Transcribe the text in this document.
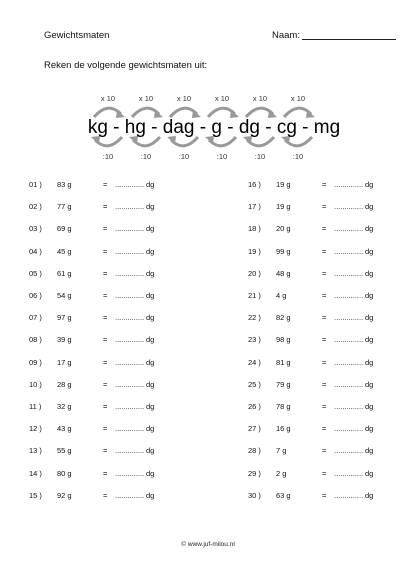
Gewichtsmaten	Naam:
Reken de volgende gewichtsmaten uit:
x 10	x 10	x 10	x 10	x 10	x 10
:10	:10	:10	:10	:10	:10
kg - hg - dag - g - dg - cg - mg
01 ) 83 g	= .............. dg
02 ) 77 g	= .............. dg
03 ) 69 g	= .............. dg
04 ) 45 g	= .............. dg
05 ) 61 g	= .............. dg
06 ) 54 g	= .............. dg
07 ) 97 g	= .............. dg
08 ) 39 g	= .............. dg
09 ) 17 g	= .............. dg
10 ) 28 g	= .............. dg
11 ) 32 g	= .............. dg
12 ) 43 g	= .............. dg
13 ) 55 g	= .............. dg
14 ) 80 g	= .............. dg
15 ) 92 g	= .............. dg
16 ) 19 g	= .............. dg
17 ) 19 g	= .............. dg
18 ) 20 g	= .............. dg
19 ) 99 g	= .............. dg
20 ) 48 g	= .............. dg
21 ) 4 g	= .............. dg
22 ) 82 g	= .............. dg
23 ) 98 g	= .............. dg
24 ) 81 g	= .............. dg
25 ) 79 g	= .............. dg
26 ) 78 g	= .............. dg
27 ) 16 g	= .............. dg
28 ) 7 g	= .............. dg
29 ) 2 g	= .............. dg
30 ) 63 g	= .............. dg
© www.juf-milou.nl
